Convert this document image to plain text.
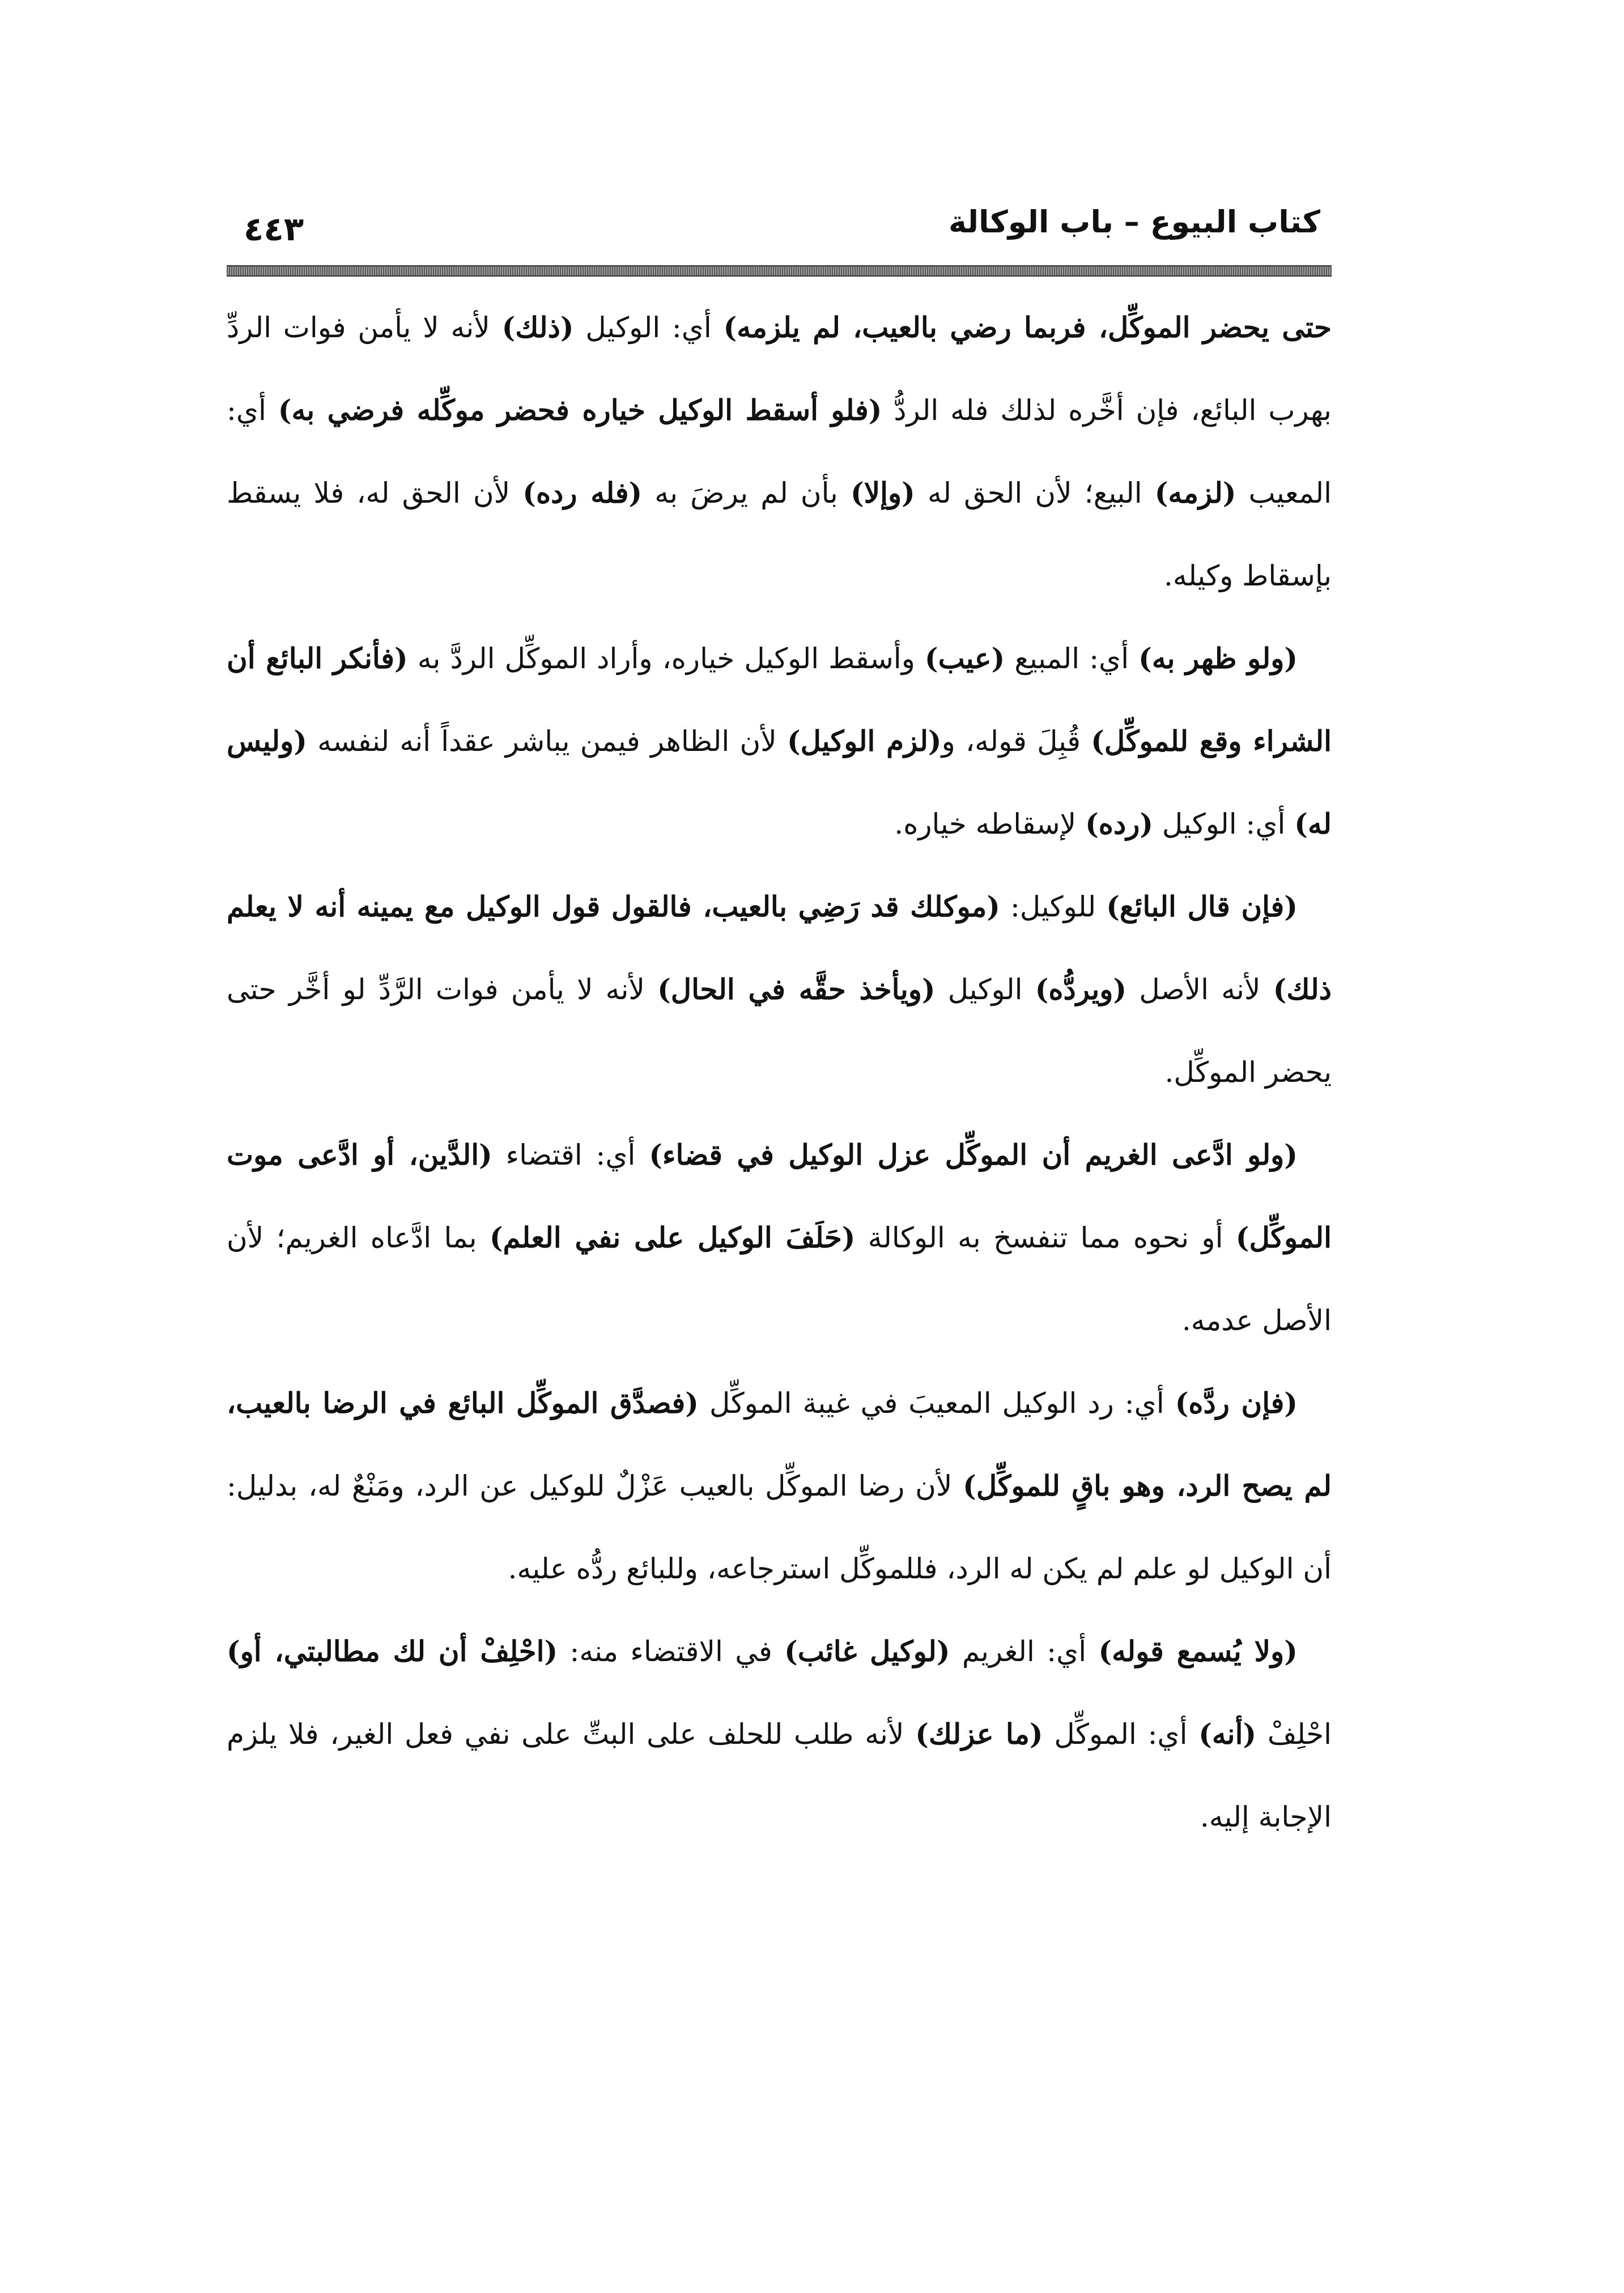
كتاب البيوع – باب الوكالة
٤٤٣

حتى يحضر الموكِّل، فربما رضي بالعيب، لم يلزمه) أي: الوكيل (ذلك) لأنه لا يأمن فوات الردِّ بهرب البائع، فإن أخَّره لذلك فله الردُّ (فلو أسقط الوكيل خياره فحضر موكِّله فرضي به) أي: المعيب (لزمه) البيع؛ لأن الحق له (وإلا) بأن لم يرضَ به (فله رده) لأن الحق له، فلا يسقط بإسقاط وكيله.

(ولو ظهر به) أي: المبيع (عيب) وأسقط الوكيل خياره، وأراد الموكِّل الردَّ به (فأنكر البائع أن الشراء وقع للموكِّل) قُبِلَ قوله، و(لزم الوكيل) لأن الظاهر فيمن يباشر عقداً أنه لنفسه (وليس له) أي: الوكيل (رده) لإسقاطه خياره.

(فإن قال البائع) للوكيل: (موكلك قد رَضِي بالعيب، فالقول قول الوكيل مع يمينه أنه لا يعلم ذلك) لأنه الأصل (ويردُّه) الوكيل (ويأخذ حقَّه في الحال) لأنه لا يأمن فوات الرَّدِّ لو أخَّر حتى يحضر الموكِّل.

(ولو ادَّعى الغريم أن الموكِّل عزل الوكيل في قضاء) أي: اقتضاء (الدَّين، أو ادَّعى موت الموكِّل) أو نحوه مما تنفسخ به الوكالة (حَلَفَ الوكيل على نفي العلم) بما ادَّعاه الغريم؛ لأن الأصل عدمه.

(فإن ردَّه) أي: رد الوكيل المعيبَ في غيبة الموكِّل (فصدَّق الموكِّل البائع في الرضا بالعيب، لم يصح الرد، وهو باقٍ للموكِّل) لأن رضا الموكِّل بالعيب عَزْلٌ للوكيل عن الرد، ومَنْعٌ له، بدليل: أن الوكيل لو علم لم يكن له الرد، فللموكِّل استرجاعه، وللبائع ردُّه عليه.

(ولا يُسمع قوله) أي: الغريم (لوكيل غائب) في الاقتضاء منه: (احْلِفْ أن لك مطالبتي، أو) احْلِفْ (أنه) أي: الموكِّل (ما عزلك) لأنه طلب للحلف على البتِّ على نفي فعل الغير، فلا يلزم الإجابة إليه.
